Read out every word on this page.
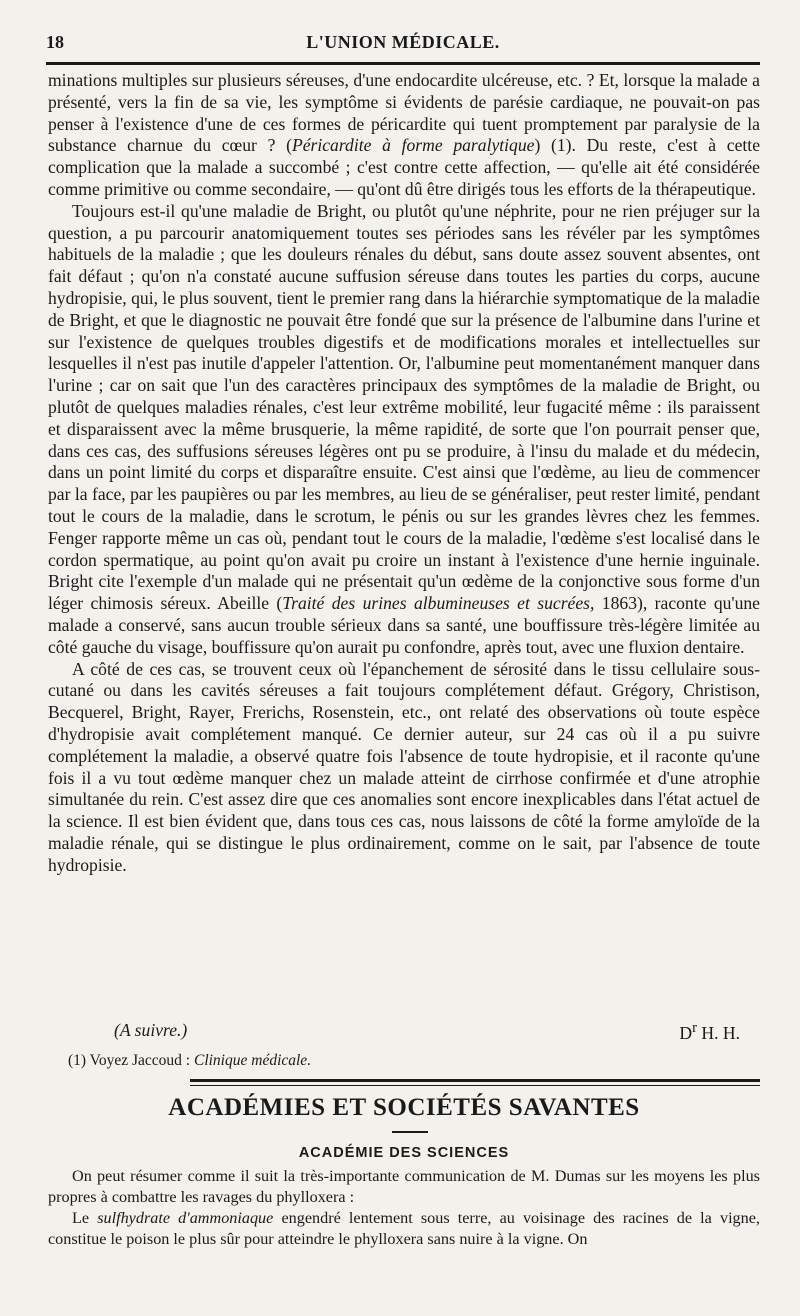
18	L'UNION MÉDICALE.

minations multiples sur plusieurs séreuses, d'une endocardite ulcéreuse, etc. ? Et, lorsque la malade a présenté, vers la fin de sa vie, les symptôme si évidents de parésie cardiaque, ne pouvait-on pas penser à l'existence d'une de ces formes de péricardite qui tuent promptement par paralysie de la substance charnue du cœur ? (Péricardite à forme paralytique) (1). Du reste, c'est à cette complication que la malade a succombé ; c'est contre cette affection, — qu'elle ait été considérée comme primitive ou comme secondaire, — qu'ont dû être dirigés tous les efforts de la thérapeutique.

Toujours est-il qu'une maladie de Bright, ou plutôt qu'une néphrite, pour ne rien préjuger sur la question, a pu parcourir anatomiquement toutes ses périodes sans les révéler par les symptômes habituels de la maladie ; que les douleurs rénales du début, sans doute assez souvent absentes, ont fait défaut ; qu'on n'a constaté aucune suffusion séreuse dans toutes les parties du corps, aucune hydropisie, qui, le plus souvent, tient le premier rang dans la hiérarchie symptomatique de la maladie de Bright, et que le diagnostic ne pouvait être fondé que sur la présence de l'albumine dans l'urine et sur l'existence de quelques troubles digestifs et de modifications morales et intellectuelles sur lesquelles il n'est pas inutile d'appeler l'attention. Or, l'albumine peut momentanément manquer dans l'urine ; car on sait que l'un des caractères principaux des symptômes de la maladie de Bright, ou plutôt de quelques maladies rénales, c'est leur extrême mobilité, leur fugacité même : ils paraissent et disparaissent avec la même brusquerie, la même rapidité, de sorte que l'on pourrait penser que, dans ces cas, des suffusions séreuses légères ont pu se produire, à l'insu du malade et du médecin, dans un point limité du corps et disparaître ensuite. C'est ainsi que l'œdème, au lieu de commencer par la face, par les paupières ou par les membres, au lieu de se généraliser, peut rester limité, pendant tout le cours de la maladie, dans le scrotum, le pénis ou sur les grandes lèvres chez les femmes. Fenger rapporte même un cas où, pendant tout le cours de la maladie, l'œdème s'est localisé dans le cordon spermatique, au point qu'on avait pu croire un instant à l'existence d'une hernie inguinale. Bright cite l'exemple d'un malade qui ne présentait qu'un œdème de la conjonctive sous forme d'un léger chimosis séreux. Abeille (Traité des urines albumineuses et sucrées, 1863), raconte qu'une malade a conservé, sans aucun trouble sérieux dans sa santé, une bouffissure très-légère limitée au côté gauche du visage, bouffissure qu'on aurait pu confondre, après tout, avec une fluxion dentaire.

A côté de ces cas, se trouvent ceux où l'épanchement de sérosité dans le tissu cellulaire sous-cutané ou dans les cavités séreuses a fait toujours complétement défaut. Grégory, Christison, Becquerel, Bright, Rayer, Frerichs, Rosenstein, etc., ont relaté des observations où toute espèce d'hydropisie avait complétement manqué. Ce dernier auteur, sur 24 cas où il a pu suivre complétement la maladie, a observé quatre fois l'absence de toute hydropisie, et il raconte qu'une fois il a vu tout œdème manquer chez un malade atteint de cirrhose confirmée et d'une atrophie simultanée du rein. C'est assez dire que ces anomalies sont encore inexplicables dans l'état actuel de la science. Il est bien évident que, dans tous ces cas, nous laissons de côté la forme amyloïde de la maladie rénale, qui se distingue le plus ordinairement, comme on le sait, par l'absence de toute hydropisie.

(A suivre.)	$D^r$ H. H.
(1) Voyez Jaccoud : Clinique médicale.
ACADÉMIES ET SOCIÉTÉS SAVANTES
ACADÉMIE DES SCIENCES

On peut résumer comme il suit la très-importante communication de M. Dumas sur les moyens les plus propres à combattre les ravages du phylloxera :

Le sulfhydrate d'ammoniaque engendré lentement sous terre, au voisinage des racines de la vigne, constitue le poison le plus sûr pour atteindre le phylloxera sans nuire à la vigne. On
